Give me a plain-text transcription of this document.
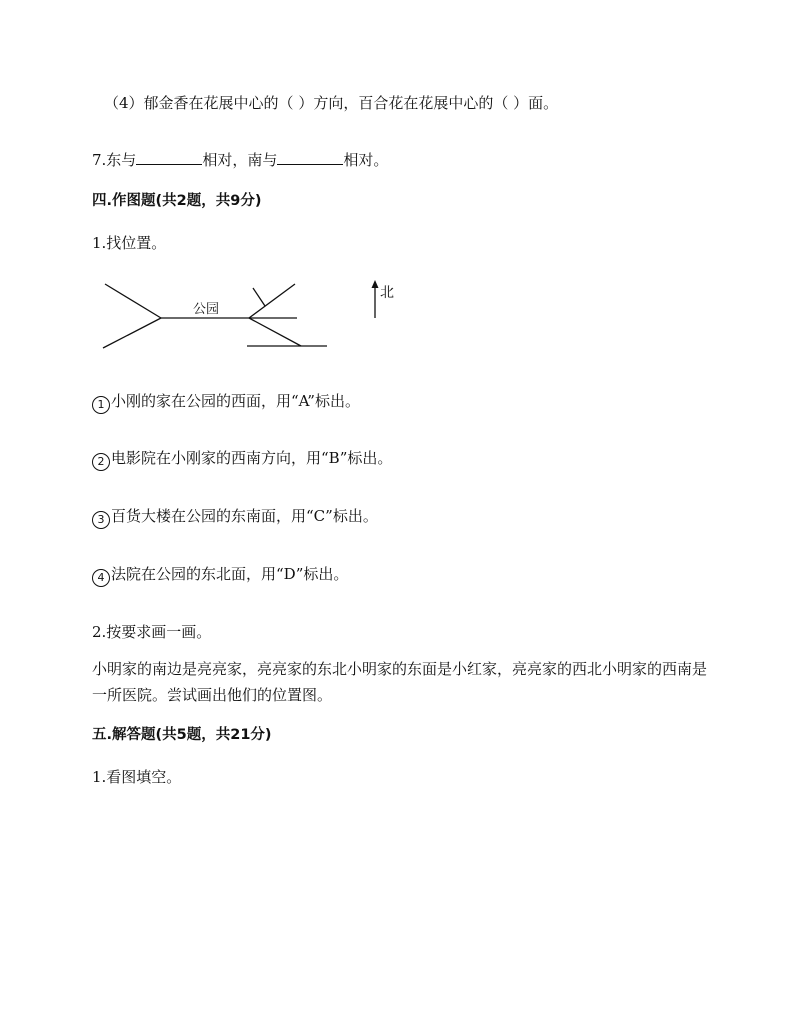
（4）郁金香在花展中心的（ ）方向，百合花在花展中心的（ ）面。
7.东与	相对，南与	相对。
四.作图题(共2题，共9分)
1.找位置。
公园
北
1 小刚的家在公园的西面，用“A”标出。
2 电影院在小刚家的西南方向，用“B”标出。
3 百货大楼在公园的东南面，用“C”标出。
4 法院在公园的东北面，用“D”标出。
2.按要求画一画。
小明家的南边是亮亮家，亮亮家的东北小明家的东面是小红家，亮亮家的西北小明家的西南是一所医院。尝试画出他们的位置图。
五.解答题(共5题，共21分)
1.看图填空。
